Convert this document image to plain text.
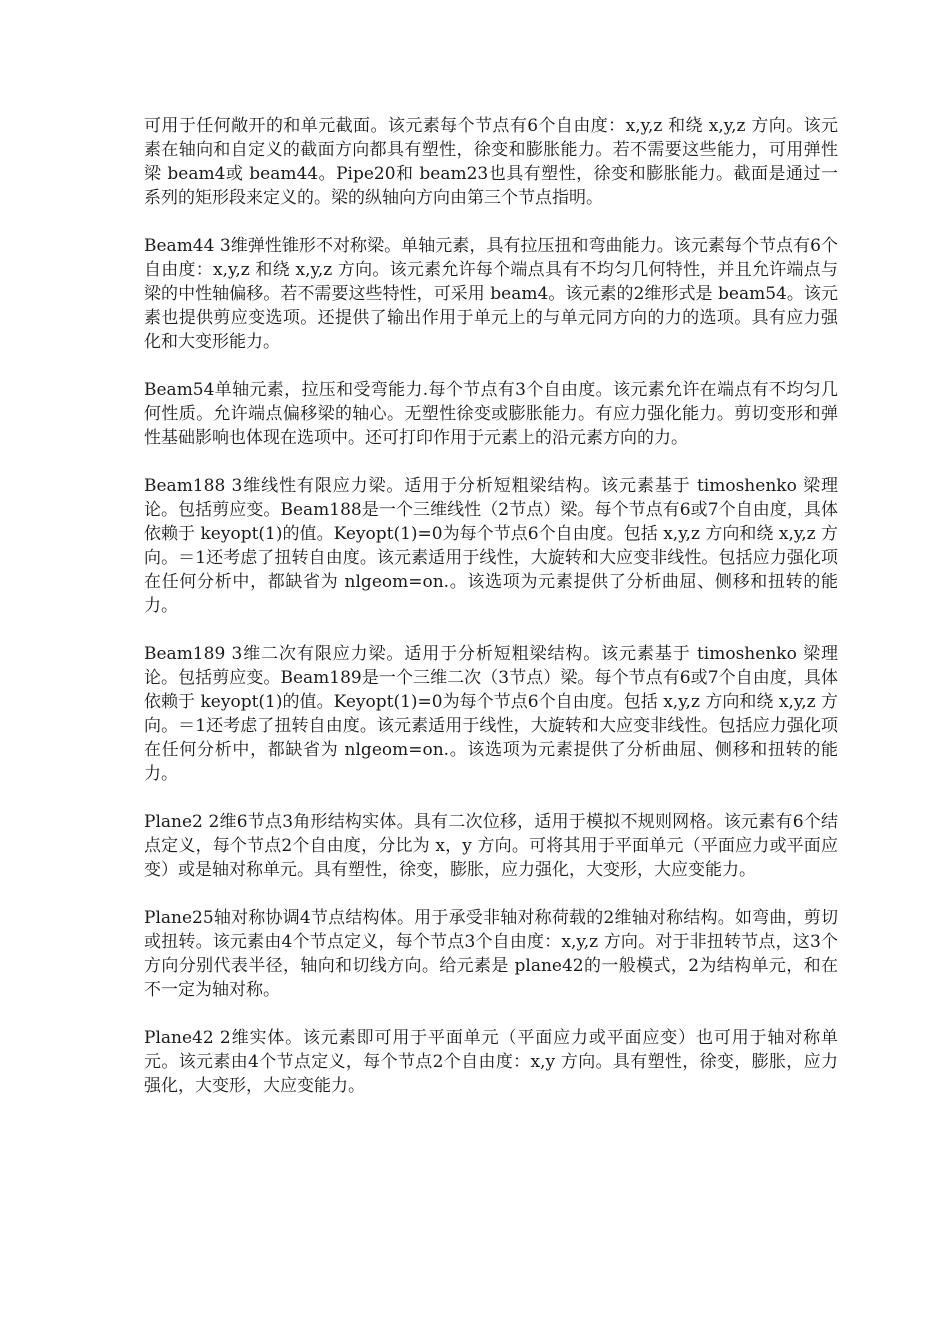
可用于任何敞开的和单元截面。该元素每个节点有6个自由度：x,y,z 和绕 x,y,z 方向。该元素在轴向和自定义的截面方向都具有塑性，徐变和膨胀能力。若不需要这些能力，可用弹性梁 beam4或 beam44。Pipe20和 beam23也具有塑性，徐变和膨胀能力。截面是通过一系列的矩形段来定义的。梁的纵轴向方向由第三个节点指明。

Beam44 3维弹性锥形不对称梁。单轴元素，具有拉压扭和弯曲能力。该元素每个节点有6个自由度：x,y,z 和绕 x,y,z 方向。该元素允许每个端点具有不均匀几何特性，并且允许端点与梁的中性轴偏移。若不需要这些特性，可采用 beam4。该元素的2维形式是 beam54。该元素也提供剪应变选项。还提供了输出作用于单元上的与单元同方向的力的选项。具有应力强化和大变形能力。

Beam54单轴元素，拉压和受弯能力.每个节点有3个自由度。该元素允许在端点有不均匀几何性质。允许端点偏移梁的轴心。无塑性徐变或膨胀能力。有应力强化能力。剪切变形和弹性基础影响也体现在选项中。还可打印作用于元素上的沿元素方向的力。

Beam188 3维线性有限应力梁。适用于分析短粗梁结构。该元素基于 timoshenko 梁理论。包括剪应变。Beam188是一个三维线性（2节点）梁。每个节点有6或7个自由度，具体依赖于 keyopt(1)的值。Keyopt(1)=0为每个节点6个自由度。包括 x,y,z 方向和绕 x,y,z 方向。＝1还考虑了扭转自由度。该元素适用于线性，大旋转和大应变非线性。包括应力强化项在任何分析中，都缺省为 nlgeom=on.。该选项为元素提供了分析曲屈、侧移和扭转的能力。

Beam189 3维二次有限应力梁。适用于分析短粗梁结构。该元素基于 timoshenko 梁理论。包括剪应变。Beam189是一个三维二次（3节点）梁。每个节点有6或7个自由度，具体依赖于 keyopt(1)的值。Keyopt(1)=0为每个节点6个自由度。包括 x,y,z 方向和绕 x,y,z 方向。＝1还考虑了扭转自由度。该元素适用于线性，大旋转和大应变非线性。包括应力强化项在任何分析中，都缺省为 nlgeom=on.。该选项为元素提供了分析曲屈、侧移和扭转的能力。

Plane2 2维6节点3角形结构实体。具有二次位移，适用于模拟不规则网格。该元素有6个结点定义，每个节点2个自由度，分比为 x，y 方向。可将其用于平面单元（平面应力或平面应变）或是轴对称单元。具有塑性，徐变，膨胀，应力强化，大变形，大应变能力。

Plane25轴对称协调4节点结构体。用于承受非轴对称荷载的2维轴对称结构。如弯曲，剪切或扭转。该元素由4个节点定义，每个节点3个自由度：x,y,z 方向。对于非扭转节点，这3个方向分别代表半径，轴向和切线方向。给元素是 plane42的一般模式，2为结构单元，和在不一定为轴对称。

Plane42 2维实体。该元素即可用于平面单元（平面应力或平面应变）也可用于轴对称单元。该元素由4个节点定义，每个节点2个自由度：x,y 方向。具有塑性，徐变，膨胀，应力强化，大变形，大应变能力。
